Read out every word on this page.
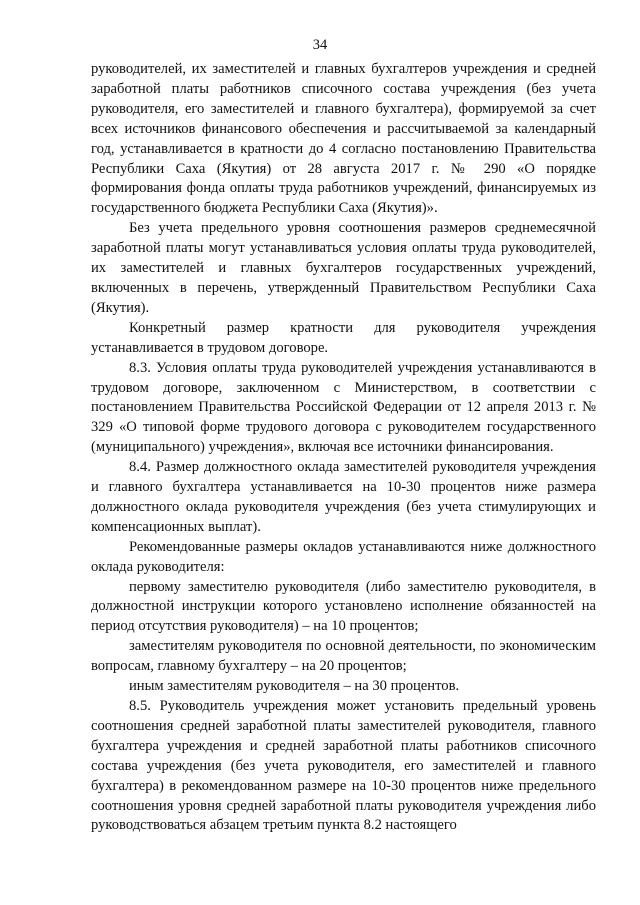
34

руководителей, их заместителей и главных бухгалтеров учреждения и средней заработной платы работников списочного состава учреждения (без учета руководителя, его заместителей и главного бухгалтера), формируемой за счет всех источников финансового обеспечения и рассчитываемой за календарный год, устанавливается в кратности до 4 согласно постановлению Правительства Республики Саха (Якутия) от 28 августа 2017 г. № 290 «О порядке формирования фонда оплаты труда работников учреждений, финансируемых из государственного бюджета Республики Саха (Якутия)».

Без учета предельного уровня соотношения размеров среднемесячной заработной платы могут устанавливаться условия оплаты труда руководителей, их заместителей и главных бухгалтеров государственных учреждений, включенных в перечень, утвержденный Правительством Республики Саха (Якутия).

Конкретный размер кратности для руководителя учреждения устанавливается в трудовом договоре.

8.3. Условия оплаты труда руководителей учреждения устанавливаются в трудовом договоре, заключенном с Министерством, в соответствии с постановлением Правительства Российской Федерации от 12 апреля 2013 г. № 329 «О типовой форме трудового договора с руководителем государственного (муниципального) учреждения», включая все источники финансирования.

8.4. Размер должностного оклада заместителей руководителя учреждения и главного бухгалтера устанавливается на 10-30 процентов ниже размера должностного оклада руководителя учреждения (без учета стимулирующих и компенсационных выплат).

Рекомендованные размеры окладов устанавливаются ниже должностного оклада руководителя:

первому заместителю руководителя (либо заместителю руководителя, в должностной инструкции которого установлено исполнение обязанностей на период отсутствия руководителя) – на 10 процентов;

заместителям руководителя по основной деятельности, по экономическим вопросам, главному бухгалтеру – на 20 процентов;

иным заместителям руководителя – на 30 процентов.

8.5. Руководитель учреждения может установить предельный уровень соотношения средней заработной платы заместителей руководителя, главного бухгалтера учреждения и средней заработной платы работников списочного состава учреждения (без учета руководителя, его заместителей и главного бухгалтера) в рекомендованном размере на 10-30 процентов ниже предельного соотношения уровня средней заработной платы руководителя учреждения либо руководствоваться абзацем третьим пункта 8.2 настоящего
